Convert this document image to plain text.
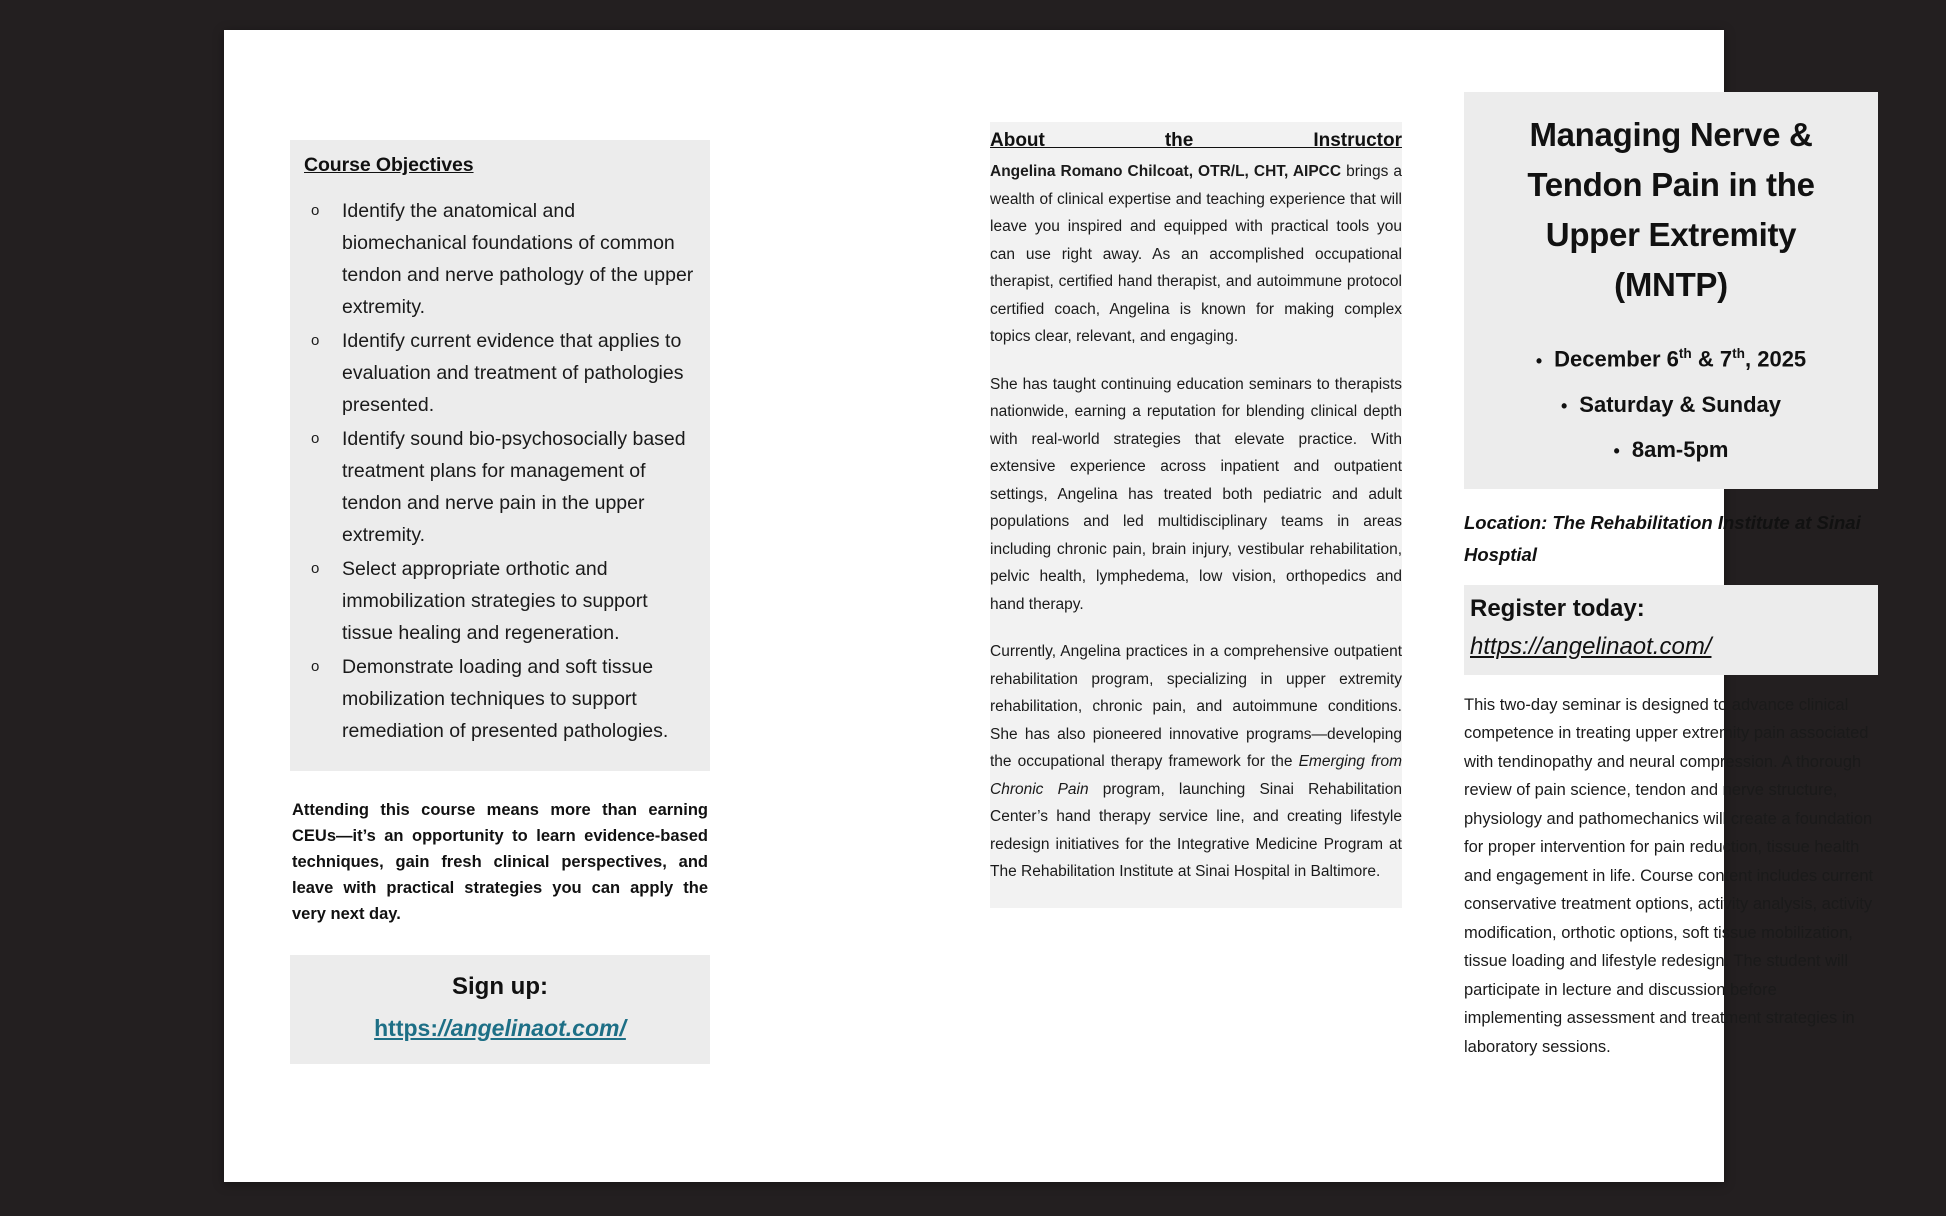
Course Objectives
o Identify the anatomical and biomechanical foundations of common tendon and nerve pathology of the upper extremity.
o Identify current evidence that applies to evaluation and treatment of pathologies presented.
o Identify sound bio-psychosocially based treatment plans for management of tendon and nerve pain in the upper extremity.
o Select appropriate orthotic and immobilization strategies to support tissue healing and regeneration.
o Demonstrate loading and soft tissue mobilization techniques to support remediation of presented pathologies.
Attending this course means more than earning CEUs—it’s an opportunity to learn evidence-based techniques, gain fresh clinical perspectives, and leave with practical strategies you can apply the very next day.
Sign up:
https://angelinaot.com/
About the Instructor

Angelina Romano Chilcoat, OTR/L, CHT, AIPCC brings a wealth of clinical expertise and teaching experience that will leave you inspired and equipped with practical tools you can use right away. As an accomplished occupational therapist, certified hand therapist, and autoimmune protocol certified coach, Angelina is known for making complex topics clear, relevant, and engaging.

She has taught continuing education seminars to therapists nationwide, earning a reputation for blending clinical depth with real-world strategies that elevate practice. With extensive experience across inpatient and outpatient settings, Angelina has treated both pediatric and adult populations and led multidisciplinary teams in areas including chronic pain, brain injury, vestibular rehabilitation, pelvic health, lymphedema, low vision, orthopedics and hand therapy.

Currently, Angelina practices in a comprehensive outpatient rehabilitation program, specializing in upper extremity rehabilitation, chronic pain, and autoimmune conditions. She has also pioneered innovative programs—developing the occupational therapy framework for the Emerging from Chronic Pain program, launching Sinai Rehabilitation Center’s hand therapy service line, and creating lifestyle redesign initiatives for the Integrative Medicine Program at The Rehabilitation Institute at Sinai Hospital in Baltimore.

Managing Nerve &
Tendon Pain in the
Upper Extremity
(MNTP)
• December 6th & 7th, 2025
• Saturday & Sunday
• 8am-5pm
Location: The Rehabilitation Institute at Sinai Hosptial
Register today:
https://angelinaot.com/
This two-day seminar is designed to advance clinical competence in treating upper extremity pain associated with tendinopathy and neural compression. A thorough review of pain science, tendon and nerve structure, physiology and pathomechanics will create a foundation for proper intervention for pain reduction, tissue health and engagement in life. Course content includes current conservative treatment options, activity analysis, activity modification, orthotic options, soft tissue mobilization, tissue loading and lifestyle redesign. The student will participate in lecture and discussion before implementing assessment and treatment strategies in laboratory sessions.
